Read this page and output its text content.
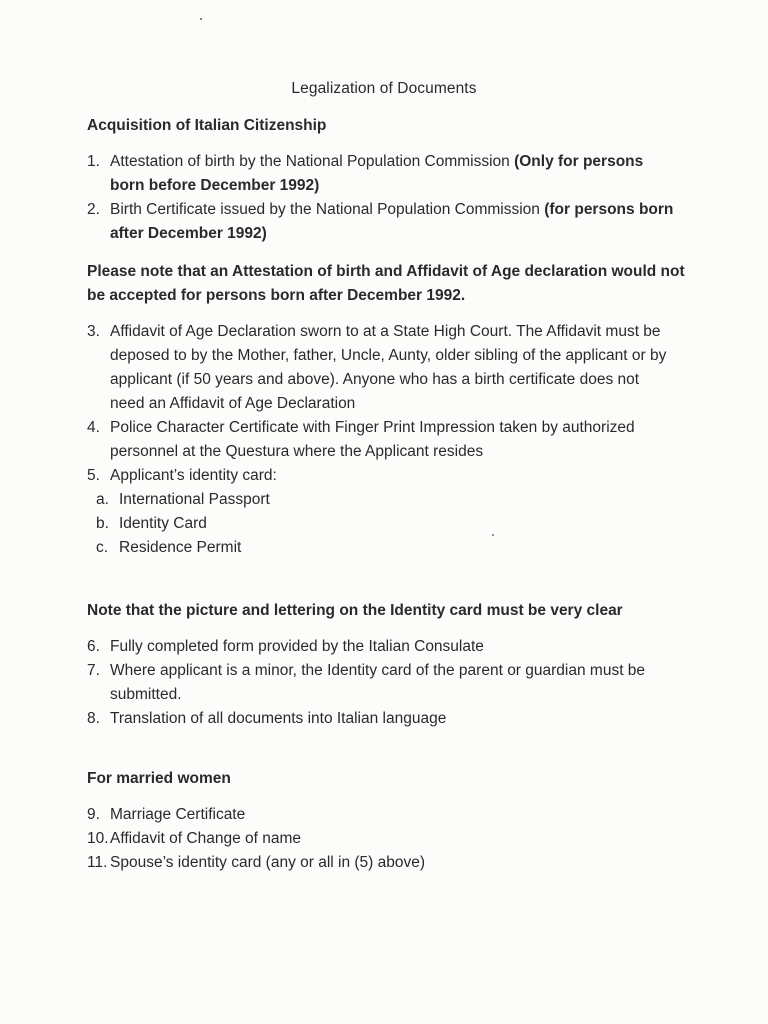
Legalization of Documents
Acquisition of Italian Citizenship
1. Attestation of birth by the National Population Commission (Only for persons born before December 1992)
2. Birth Certificate issued by the National Population Commission (for persons born after December 1992)

Please note that an Attestation of birth and Affidavit of Age declaration would not be accepted for persons born after December 1992.

3. Affidavit of Age Declaration sworn to at a State High Court. The Affidavit must be deposed to by the Mother, father, Uncle, Aunty, older sibling of the applicant or by applicant (if 50 years and above). Anyone who has a birth certificate does not need an Affidavit of Age Declaration
4. Police Character Certificate with Finger Print Impression taken by authorized personnel at the Questura where the Applicant resides
5. Applicant’s identity card:
a. International Passport
b. Identity Card
c. Residence Permit

Note that the picture and lettering on the Identity card must be very clear

6. Fully completed form provided by the Italian Consulate
7. Where applicant is a minor, the Identity card of the parent or guardian must be submitted.
8. Translation of all documents into Italian language
For married women
9. Marriage Certificate
10. Affidavit of Change of name
11. Spouse’s identity card (any or all in (5) above)
